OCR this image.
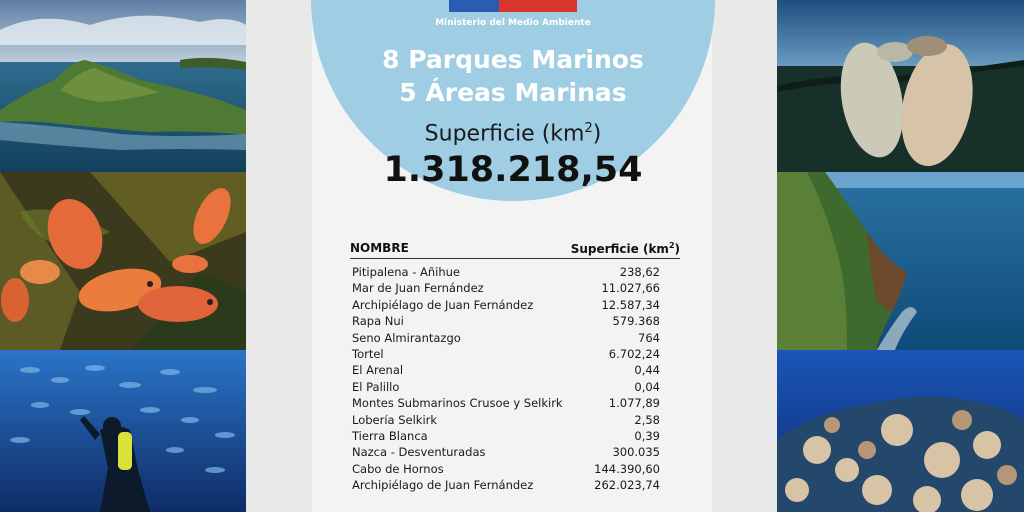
Ministerio del Medio Ambiente
8 Parques Marinos
5 Áreas Marinas
Superficie $(km^2)$
1.318.218,54
NOMBRE	Superficie $(km^2)$
Pitipalena - Añihue	238,62
Mar de Juan Fernández	11.027,66
Archipiélago de Juan Fernández	12.587,34
Rapa Nui	579.368
Seno Almirantazgo	764
Tortel	6.702,24
El Arenal	0,44
El Palillo	0,04
Montes Submarinos Crusoe y Selkirk	1.077,89
Lobería Selkirk	2,58
Tierra Blanca	0,39
Nazca - Desventuradas	300.035
Cabo de Hornos	144.390,60
Archipiélago de Juan Fernández	262.023,74
